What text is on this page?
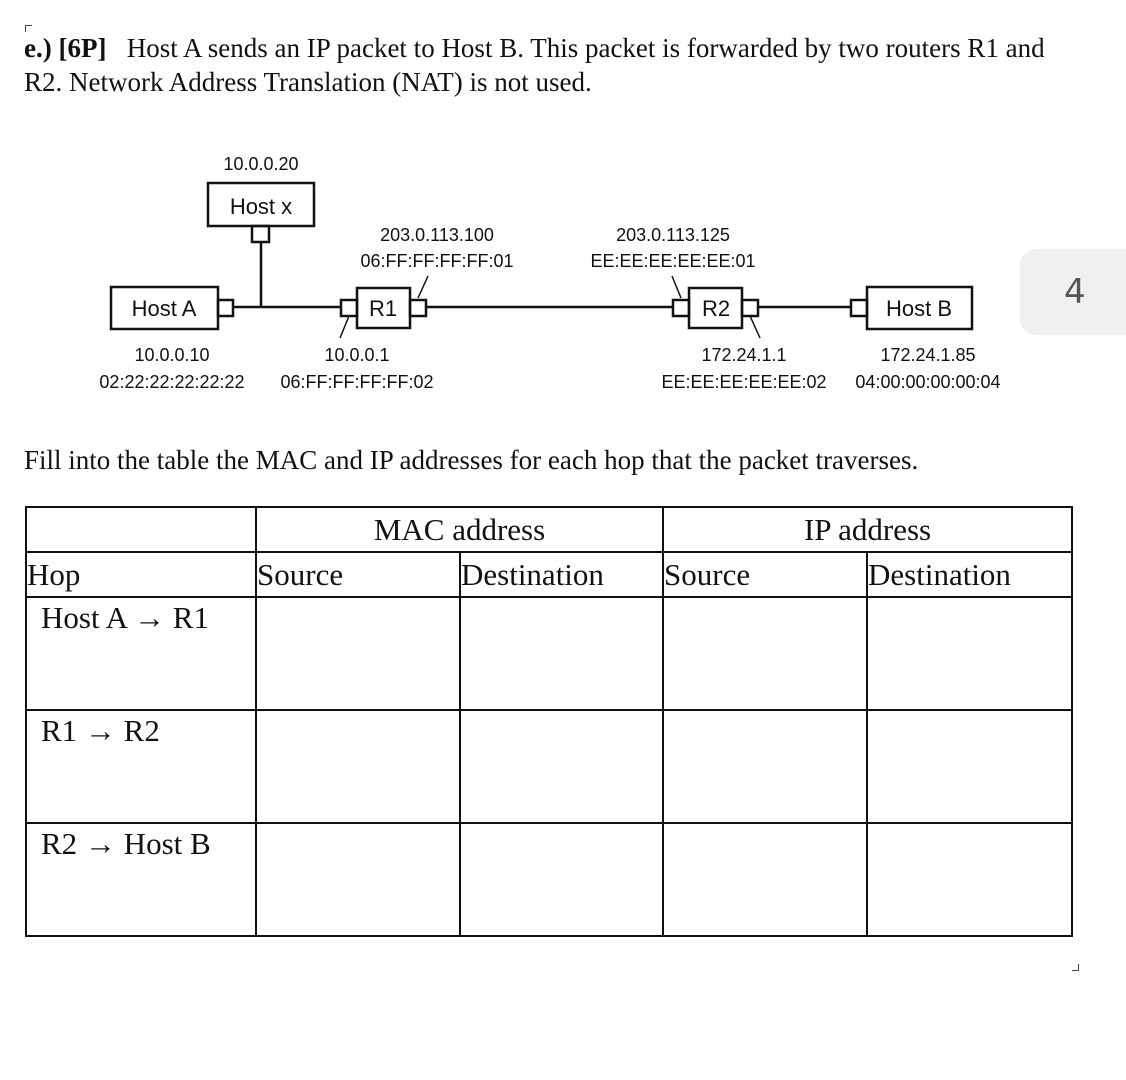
e.) [6P] Host A sends an IP packet to Host B. This packet is forwarded by two routers R1 and R2. Network Address Translation (NAT) is not used.
4
Host x
Host A	R1	R2	Host B
10.0.0.20
203.0.113.100
06:FF:FF:FF:FF:01
203.0.113.125
EE:EE:EE:EE:EE:01
10.0.0.10
02:22:22:22:22:22
10.0.0.1
06:FF:FF:FF:FF:02
172.24.1.1
EE:EE:EE:EE:EE:02
172.24.1.85
04:00:00:00:00:04
Fill into the table the MAC and IP addresses for each hop that the packet traverses.
	MAC address		IP address	
Hop	Source	Destination	Source	Destination
Host A → R1				
R1 → R2				
R2 → Host B				
